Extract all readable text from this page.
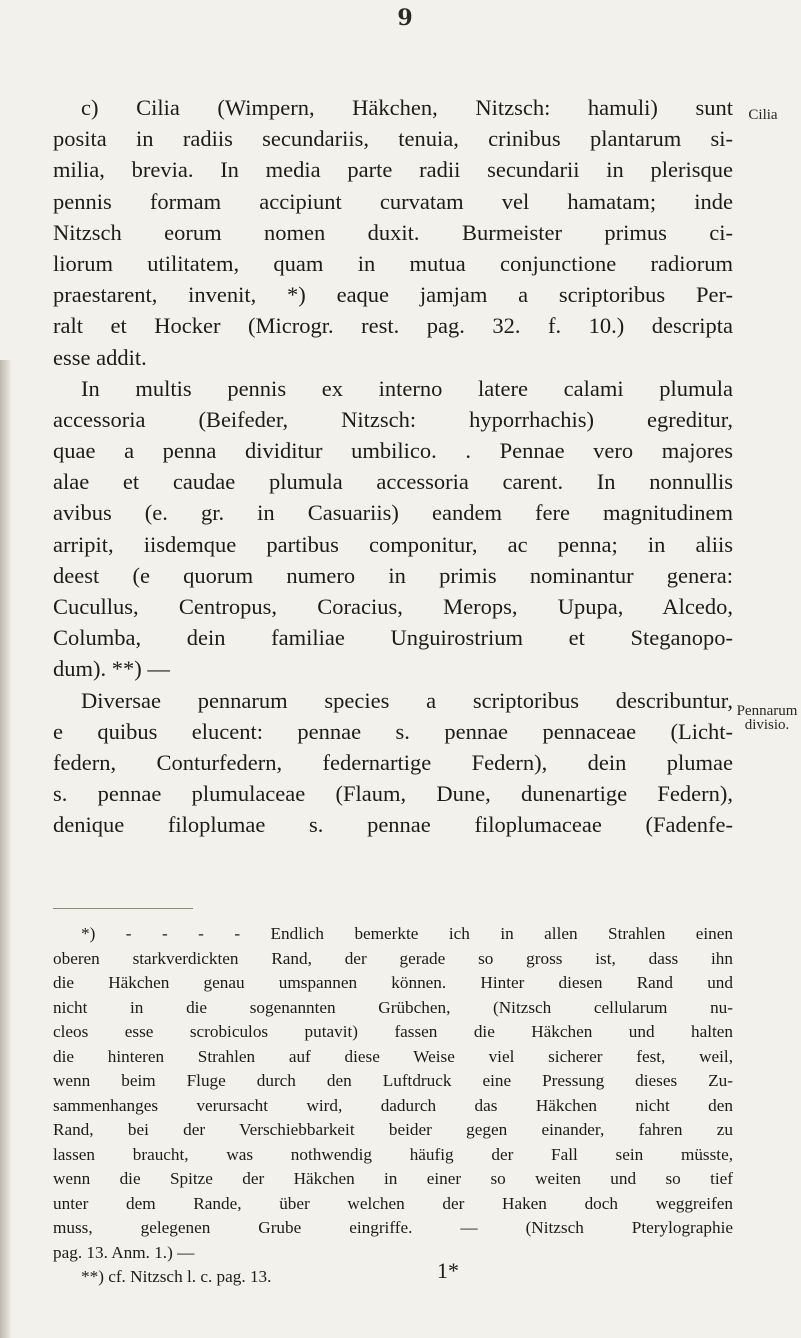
9
Cilia
Pennarum
divisio.
c) Cilia (Wimpern, Häkchen, Nitzsch: hamuli) sunt
posita in radiis secundariis, tenuia, crinibus plantarum si-
milia, brevia. In media parte radii secundarii in plerisque
pennis formam accipiunt curvatam vel hamatam; inde
Nitzsch eorum nomen duxit. Burmeister primus ci-
liorum utilitatem, quam in mutua conjunctione radiorum
praestarent, invenit, *) eaque jamjam a scriptoribus Per-
ralt et Hocker (Microgr. rest. pag. 32. f. 10.) descripta
esse addit.
In multis pennis ex interno latere calami plumula
accessoria (Beifeder, Nitzsch: hyporrhachis) egreditur,
quae a penna dividitur umbilico. . Pennae vero majores
alae et caudae plumula accessoria carent. In nonnullis
avibus (e. gr. in Casuariis) eandem fere magnitudinem
arripit, iisdemque partibus componitur, ac penna; in aliis
deest (e quorum numero in primis nominantur genera:
Cucullus, Centropus, Coracius, Merops, Upupa, Alcedo,
Columba, dein familiae Unguirostrium et Steganopo-
dum). **) —
Diversae pennarum species a scriptoribus describuntur,
e quibus elucent: pennae s. pennae pennaceae (Licht-
federn, Conturfedern, federnartige Federn), dein plumae
s. pennae plumulaceae (Flaum, Dune, dunenartige Federn),
denique filoplumae s. pennae filoplumaceae (Fadenfe-
*) - - - - Endlich bemerkte ich in allen Strahlen einen
oberen starkverdickten Rand, der gerade so gross ist, dass ihn
die Häkchen genau umspannen können. Hinter diesen Rand und
nicht in die sogenannten Grübchen, (Nitzsch cellularum nu-
cleos esse scrobiculos putavit) fassen die Häkchen und halten
die hinteren Strahlen auf diese Weise viel sicherer fest, weil,
wenn beim Fluge durch den Luftdruck eine Pressung dieses Zu-
sammenhanges verursacht wird, dadurch das Häkchen nicht den
Rand, bei der Verschiebbarkeit beider gegen einander, fahren zu
lassen braucht, was nothwendig häufig der Fall sein müsste,
wenn die Spitze der Häkchen in einer so weiten und so tief
unter dem Rande, über welchen der Haken doch weggreifen
muss, gelegenen Grube eingriffe. — (Nitzsch Pterylographie
pag. 13. Anm. 1.) —
**) cf. Nitzsch l. c. pag. 13.	1*
